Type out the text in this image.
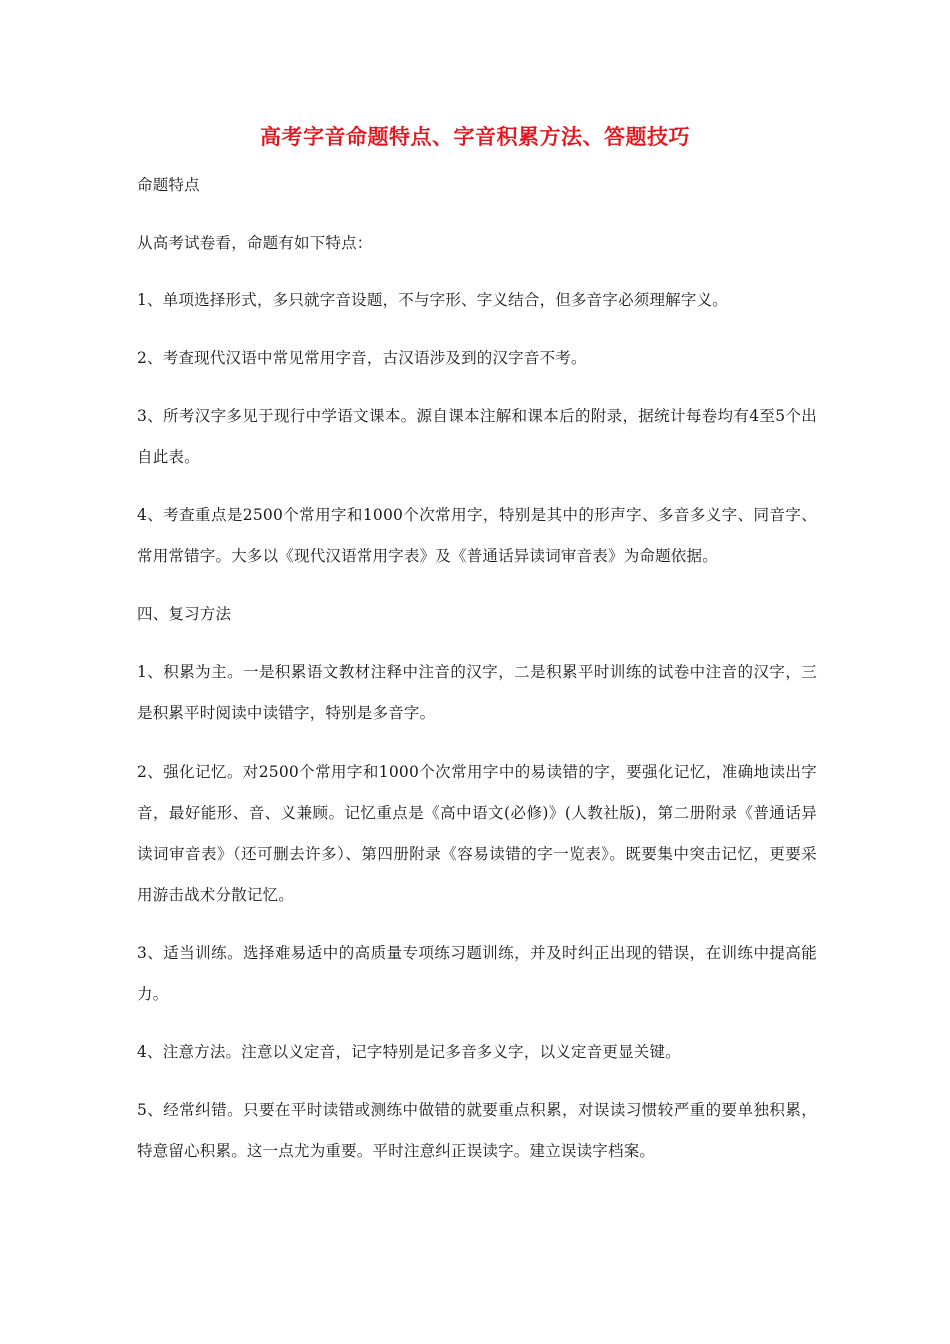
高考字音命题特点、字音积累方法、答题技巧

命题特点

从高考试卷看，命题有如下特点：

1、单项选择形式，多只就字音设题，不与字形、字义结合，但多音字必须理解字义。

2、考查现代汉语中常见常用字音，古汉语涉及到的汉字音不考。

3、所考汉字多见于现行中学语文课本。源自课本注解和课本后的附录，据统计每卷均有4至5个出自此表。

4、考查重点是2500个常用字和1000个次常用字，特别是其中的形声字、多音多义字、同音字、常用常错字。大多以《现代汉语常用字表》及《普通话异读词审音表》为命题依据。

四、复习方法

1、积累为主。一是积累语文教材注释中注音的汉字，二是积累平时训练的试卷中注音的汉字，三是积累平时阅读中读错字，特别是多音字。

2、强化记忆。对2500个常用字和1000个次常用字中的易读错的字，要强化记忆，准确地读出字音，最好能形、音、义兼顾。记忆重点是《高中语文(必修)》(人教社版)，第二册附录《普通话异读词审音表》（还可删去许多）、第四册附录《容易读错的字一览表》。既要集中突击记忆，更要采用游击战术分散记忆。

3、适当训练。选择难易适中的高质量专项练习题训练，并及时纠正出现的错误，在训练中提高能力。

4、注意方法。注意以义定音，记字特别是记多音多义字，以义定音更显关键。

5、经常纠错。只要在平时读错或测练中做错的就要重点积累，对误读习惯较严重的要单独积累，特意留心积累。这一点尤为重要。平时注意纠正误读字。建立误读字档案。
